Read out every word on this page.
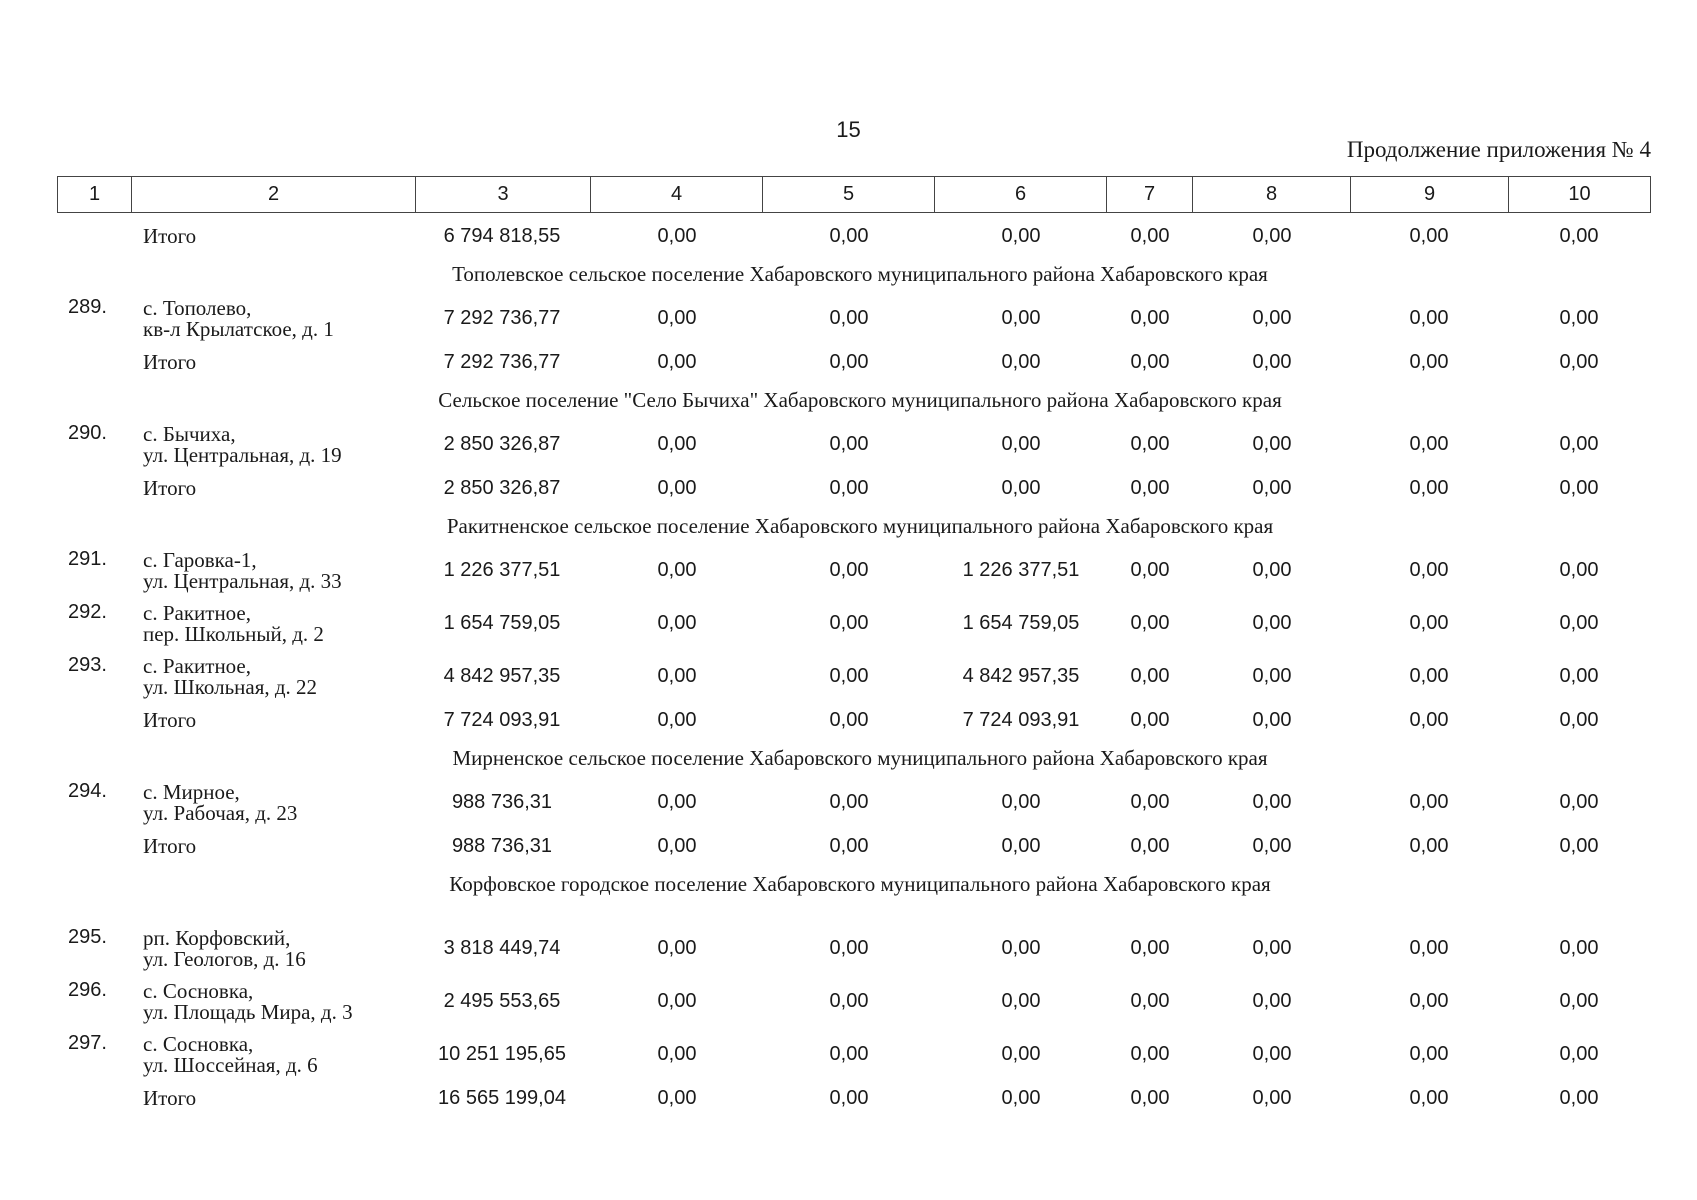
15
Продолжение приложения № 4
1	2	3	4	5	6	7	8	9	10
Итого	6 794 818,55	0,00	0,00	0,00	0,00	0,00	0,00	0,00
Тополевское сельское поселение Хабаровского муниципального района Хабаровского края
289. с. Тополево,
кв-л Крылатское, д. 1	7 292 736,77	0,00	0,00	0,00	0,00	0,00	0,00	0,00
Итого	7 292 736,77	0,00	0,00	0,00	0,00	0,00	0,00	0,00
Сельское поселение "Село Бычиха" Хабаровского муниципального района Хабаровского края
290. с. Бычиха,
ул. Центральная, д. 19	2 850 326,87	0,00	0,00	0,00	0,00	0,00	0,00	0,00
Итого	2 850 326,87	0,00	0,00	0,00	0,00	0,00	0,00	0,00
Ракитненское сельское поселение Хабаровского муниципального района Хабаровского края
291. с. Гаровка-1,
ул. Центральная, д. 33	1 226 377,51	0,00	0,00	1 226 377,51	0,00	0,00	0,00	0,00
292. с. Ракитное,
пер. Школьный, д. 2	1 654 759,05	0,00	0,00	1 654 759,05	0,00	0,00	0,00	0,00
293. с. Ракитное,
ул. Школьная, д. 22	4 842 957,35	0,00	0,00	4 842 957,35	0,00	0,00	0,00	0,00
Итого	7 724 093,91	0,00	0,00	7 724 093,91	0,00	0,00	0,00	0,00
Мирненское сельское поселение Хабаровского муниципального района Хабаровского края
294. с. Мирное,
ул. Рабочая, д. 23	988 736,31	0,00	0,00	0,00	0,00	0,00	0,00	0,00
Итого	988 736,31	0,00	0,00	0,00	0,00	0,00	0,00	0,00
Корфовское городское поселение Хабаровского муниципального района Хабаровского края
295. рп. Корфовский,
ул. Геологов, д. 16	3 818 449,74	0,00	0,00	0,00	0,00	0,00	0,00	0,00
296. с. Сосновка,
ул. Площадь Мира, д. 3	2 495 553,65	0,00	0,00	0,00	0,00	0,00	0,00	0,00
297. с. Сосновка,
ул. Шоссейная, д. 6	10 251 195,65	0,00	0,00	0,00	0,00	0,00	0,00	0,00
Итого	16 565 199,04	0,00	0,00	0,00	0,00	0,00	0,00	0,00
